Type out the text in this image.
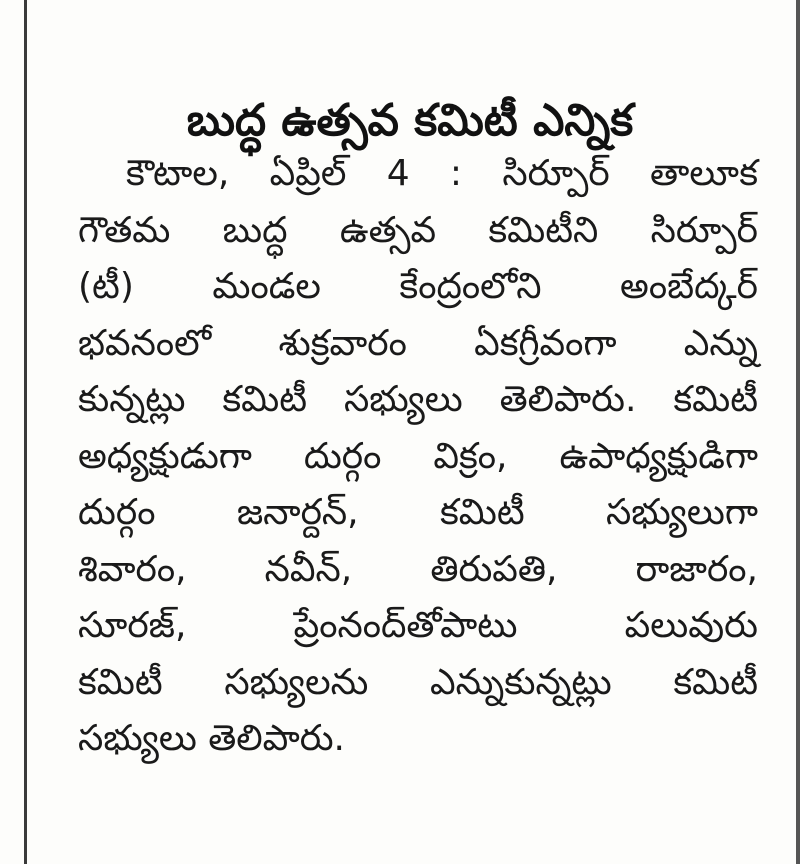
బుద్ధ ఉత్సవ కమిటీ ఎన్నిక
కౌటాల, ఏప్రిల్ 4 : సిర్పూర్ తాలూక
గౌతమ బుద్ధ ఉత్సవ కమిటీని సిర్పూర్
(టీ) మండల కేంద్రంలోని అంబేద్కర్
భవనంలో శుక్రవారం ఏకగ్రీవంగా ఎన్ను
కున్నట్లు కమిటీ సభ్యులు తెలిపారు. కమిటీ
అధ్యక్షుడుగా దుర్గం విక్రం, ఉపాధ్యక్షుడిగా
దుర్గం జనార్దన్, కమిటీ సభ్యులుగా
శివారం, నవీన్, తిరుపతి, రాజారం,
సూరజ్, ప్రేంనంద్‌తోపాటు పలువురు
కమిటీ సభ్యులను ఎన్నుకున్నట్లు కమిటీ
సభ్యులు తెలిపారు.
